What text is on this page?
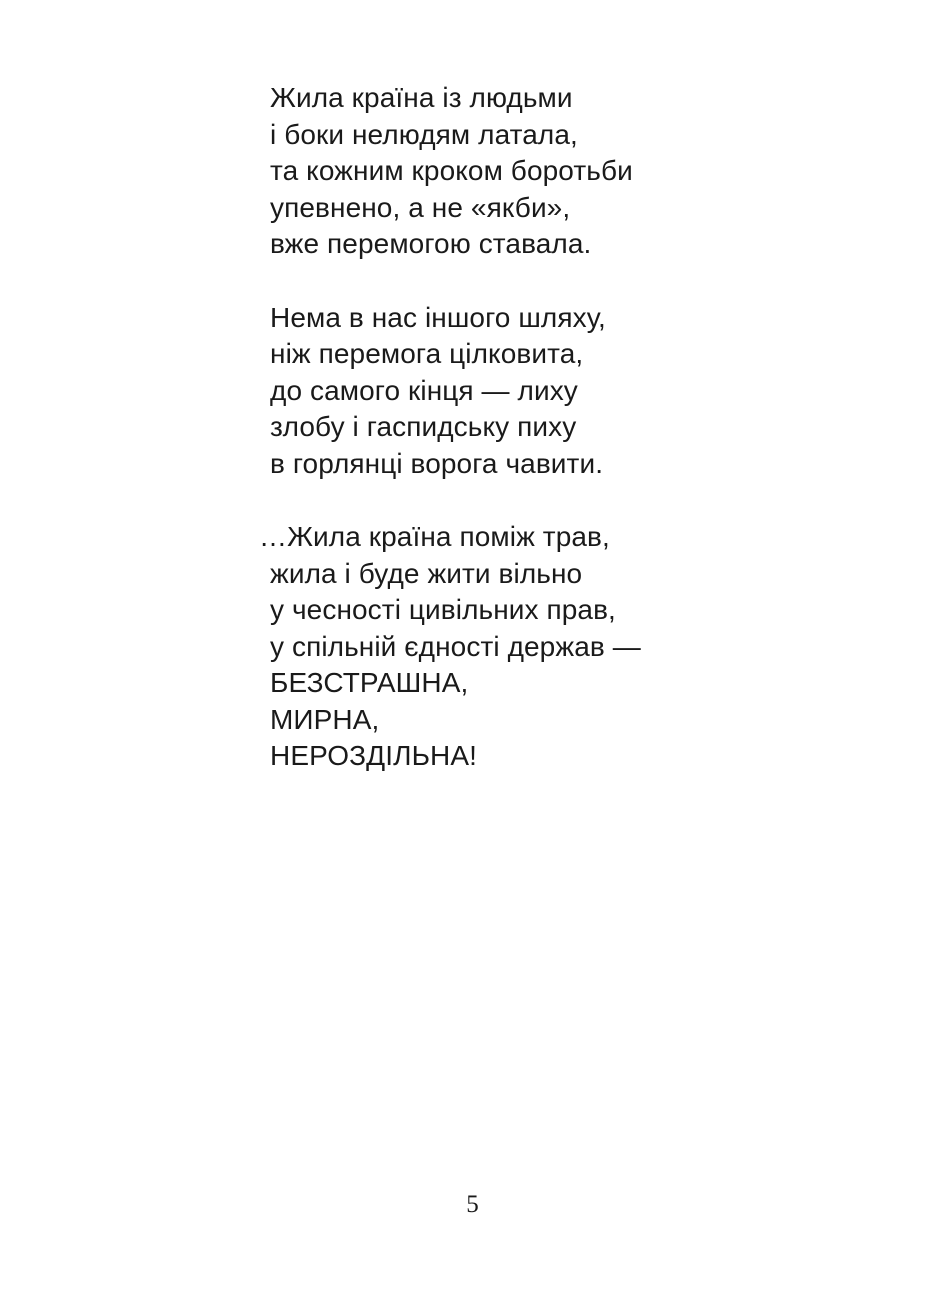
Жила країна із людьми
і боки нелюдям латала,
та кожним кроком боротьби
упевнено, а не «якби»,
вже перемогою ставала.
Нема в нас іншого шляху,
ніж перемога цілковита,
до самого кінця — лиху
злобу і гаспидську пиху
в горлянці ворога чавити.
…Жила країна поміж трав,
жила і буде жити вільно
у чесності цивільних прав,
у спільній єдності держав —
БЕЗСТРАШНА,
МИРНА,
НЕРОЗДІЛЬНА!
5
